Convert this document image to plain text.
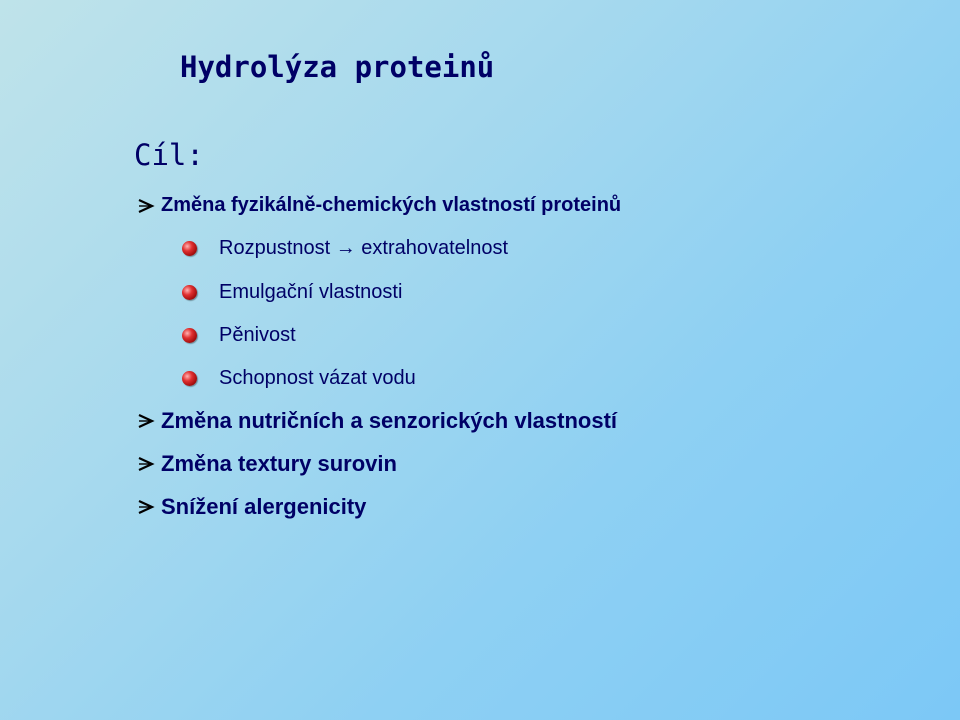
Hydrolýza proteinů
Cíl:
Změna fyzikálně-chemických vlastností proteinů
Rozpustnost → extrahovatelnost
Emulgační vlastnosti
Pěnivost
Schopnost vázat vodu
Změna nutričních a senzorických vlastností
Změna textury surovin
Snížení alergenicity
